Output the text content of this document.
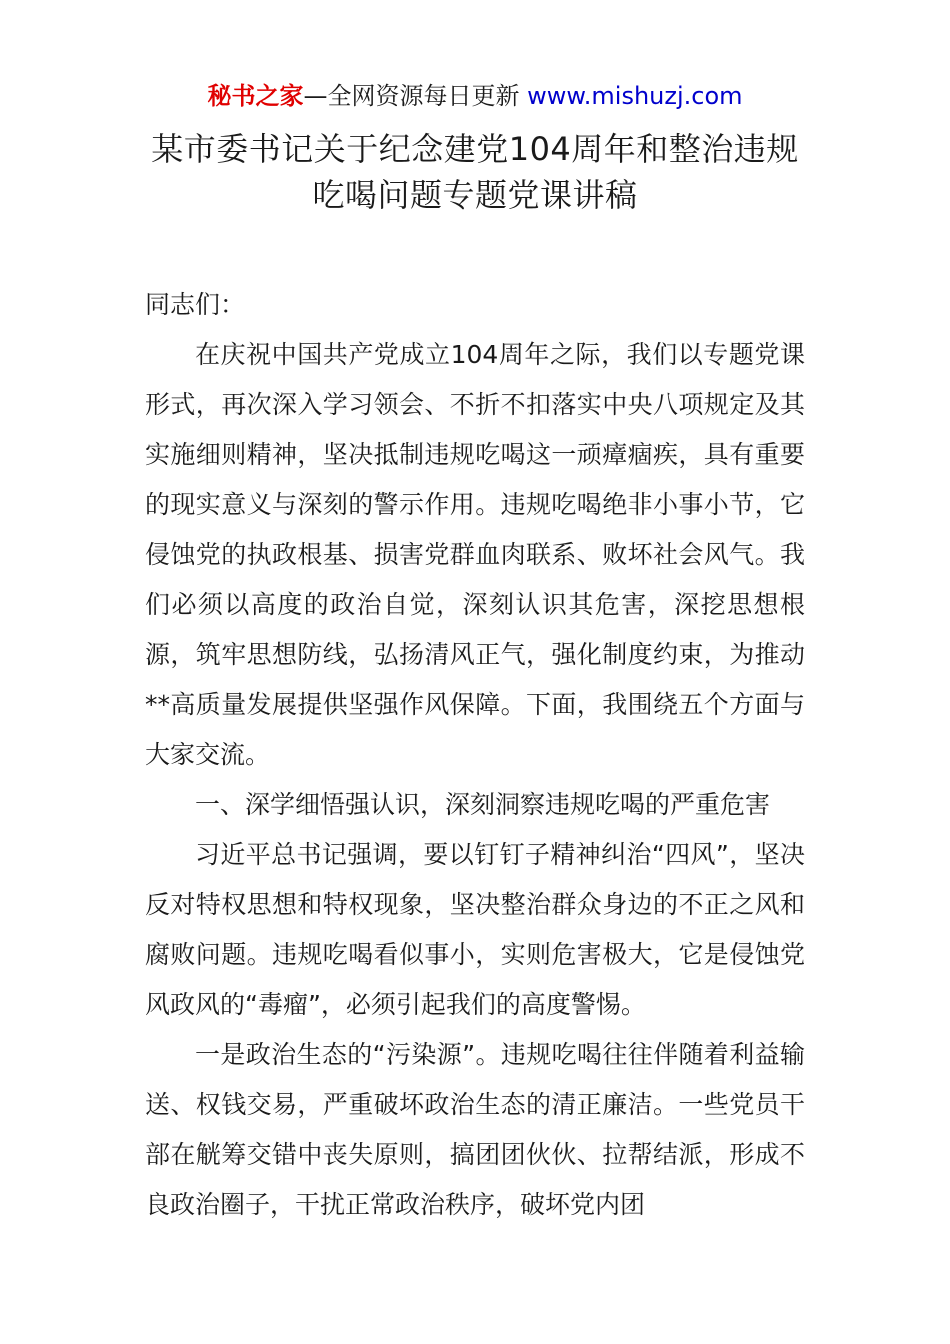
秘书之家—全网资源每日更新 www.mishuzj.com
某市委书记关于纪念建党104周年和整治违规
吃喝问题专题党课讲稿

同志们：

在庆祝中国共产党成立104周年之际，我们以专题党课形式，再次深入学习领会、不折不扣落实中央八项规定及其实施细则精神，坚决抵制违规吃喝这一顽瘴痼疾，具有重要的现实意义与深刻的警示作用。违规吃喝绝非小事小节，它侵蚀党的执政根基、损害党群血肉联系、败坏社会风气。我们必须以高度的政治自觉，深刻认识其危害，深挖思想根源，筑牢思想防线，弘扬清风正气，强化制度约束，为推动**高质量发展提供坚强作风保障。下面，我围绕五个方面与大家交流。

一、深学细悟强认识，深刻洞察违规吃喝的严重危害

习近平总书记强调，要以钉钉子精神纠治“四风”，坚决反对特权思想和特权现象，坚决整治群众身边的不正之风和腐败问题。违规吃喝看似事小，实则危害极大，它是侵蚀党风政风的“毒瘤”，必须引起我们的高度警惕。

一是政治生态的“污染源”。违规吃喝往往伴随着利益输送、权钱交易，严重破坏政治生态的清正廉洁。一些党员干部在觥筹交错中丧失原则，搞团团伙伙、拉帮结派，形成不良政治圈子，干扰正常政治秩序，破坏党内团
